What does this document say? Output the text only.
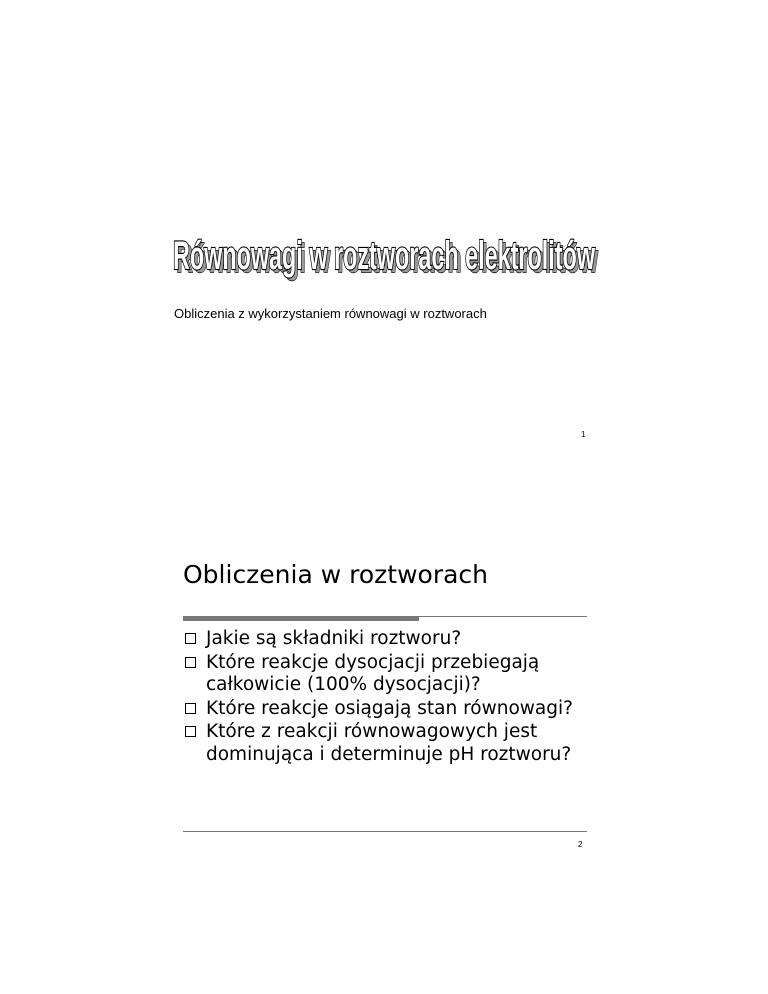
Równowagi w roztworach elektrolitów
Równowagi w roztworach elektrolitów
Obliczenia z wykorzystaniem równowagi w roztworach
1
Obliczenia w roztworach
Jakie są składniki roztworu?
Które reakcje dysocjacji przebiegają całkowicie (100% dysocjacji)?
Które reakcje osiągają stan równowagi?
Które z reakcji równowagowych jest dominująca i determinuje pH roztworu?
2
